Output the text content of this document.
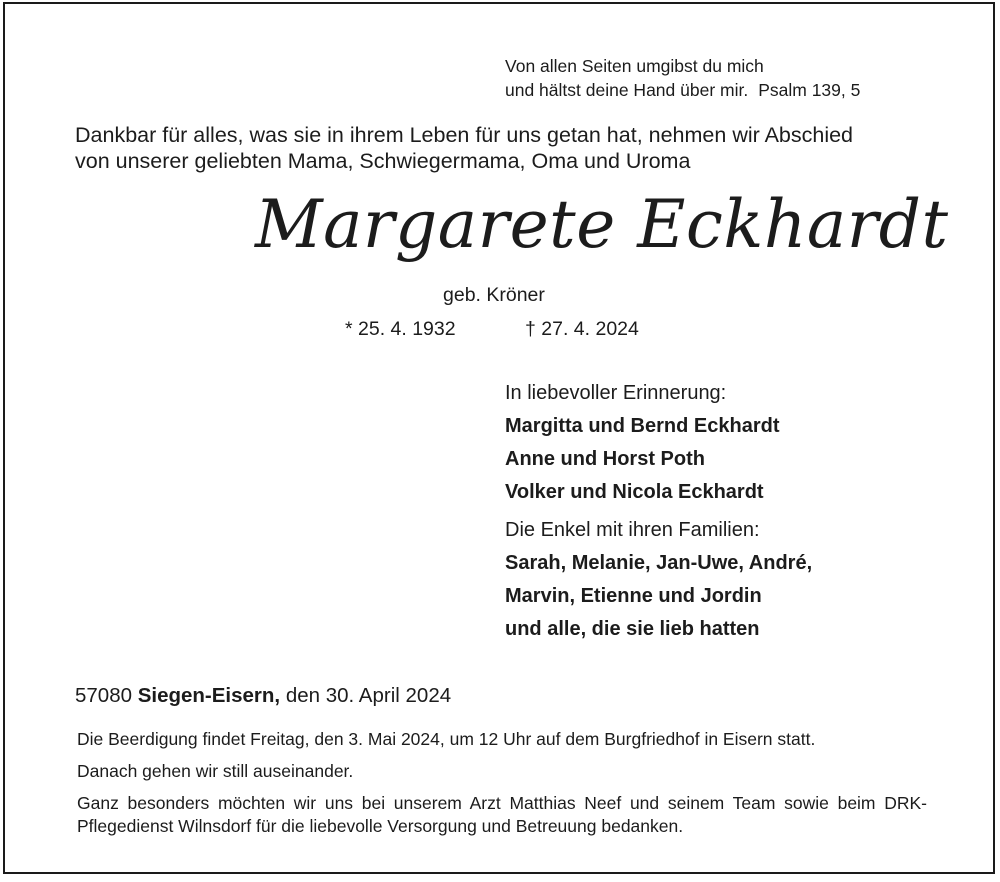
Von allen Seiten umgibst du mich
und hältst deine Hand über mir. Psalm 139, 5
Dankbar für alles, was sie in ihrem Leben für uns getan hat, nehmen wir Abschied
von unserer geliebten Mama, Schwiegermama, Oma und Uroma
Margarete Eckhardt
geb. Kröner
* 25. 4. 1932	† 27. 4. 2024
In liebevoller Erinnerung:
Margitta und Bernd Eckhardt
Anne und Horst Poth
Volker und Nicola Eckhardt
Die Enkel mit ihren Familien:
Sarah, Melanie, Jan-Uwe, André,
Marvin, Etienne und Jordin
und alle, die sie lieb hatten
57080 Siegen-Eisern, den 30. April 2024
Die Beerdigung findet Freitag, den 3. Mai 2024, um 12 Uhr auf dem Burgfriedhof in Eisern statt.
Danach gehen wir still auseinander.
Ganz besonders möchten wir uns bei unserem Arzt Matthias Neef und seinem Team sowie beim DRK-Pflegedienst Wilnsdorf für die liebevolle Versorgung und Betreuung bedanken.
